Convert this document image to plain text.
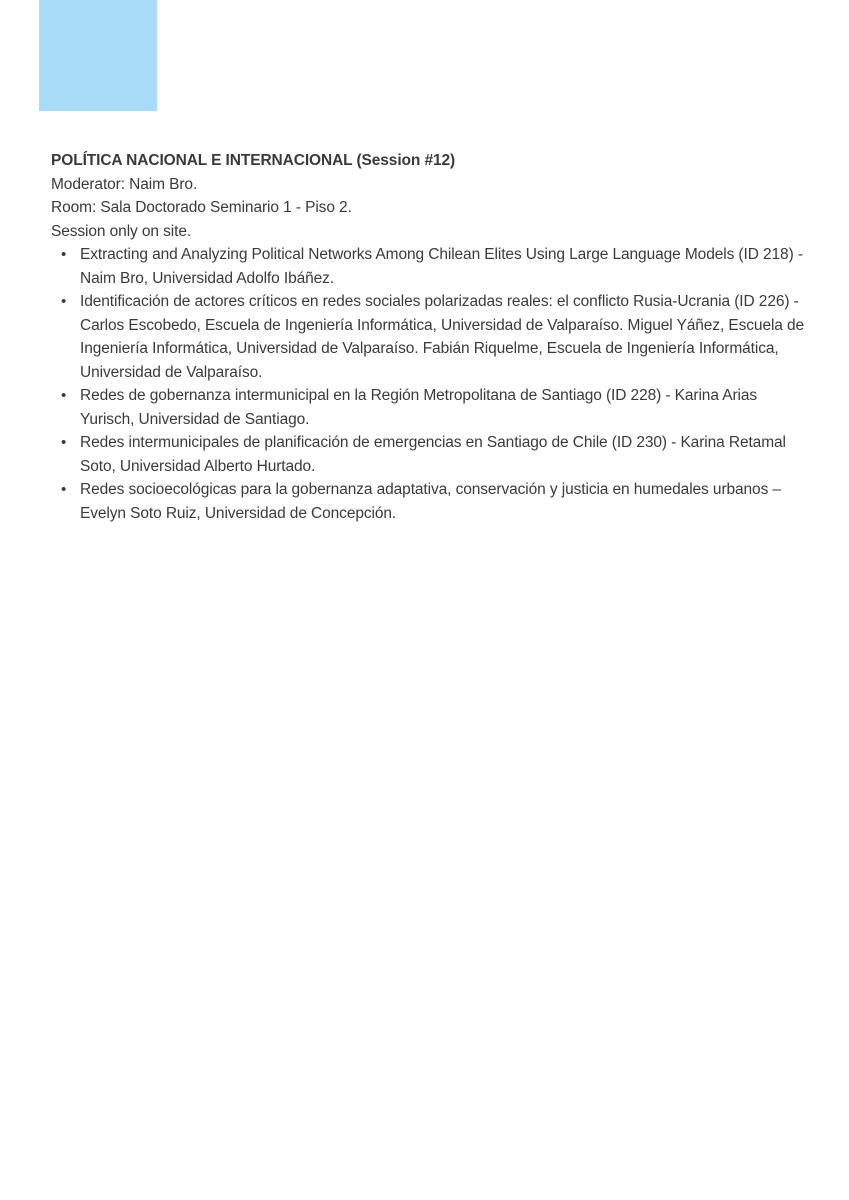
POLÍTICA NACIONAL E INTERNACIONAL (Session #12)

Moderator: Naim Bro.

Room: Sala Doctorado Seminario 1 - Piso 2.

Session only on site.

• Extracting and Analyzing Political Networks Among Chilean Elites Using Large Language Models (ID 218) - Naim Bro, Universidad Adolfo Ibáñez.
• Identificación de actores críticos en redes sociales polarizadas reales: el conflicto Rusia-Ucrania (ID 226) - Carlos Escobedo, Escuela de Ingeniería Informática, Universidad de Valparaíso. Miguel Yáñez, Escuela de Ingeniería Informática, Universidad de Valparaíso. Fabián Riquelme, Escuela de Ingeniería Informática, Universidad de Valparaíso.
• Redes de gobernanza intermunicipal en la Región Metropolitana de Santiago (ID 228) - Karina Arias Yurisch, Universidad de Santiago.
• Redes intermunicipales de planificación de emergencias en Santiago de Chile (ID 230) - Karina Retamal Soto, Universidad Alberto Hurtado.
• Redes socioecológicas para la gobernanza adaptativa, conservación y justicia en humedales urbanos – Evelyn Soto Ruiz, Universidad de Concepción.
